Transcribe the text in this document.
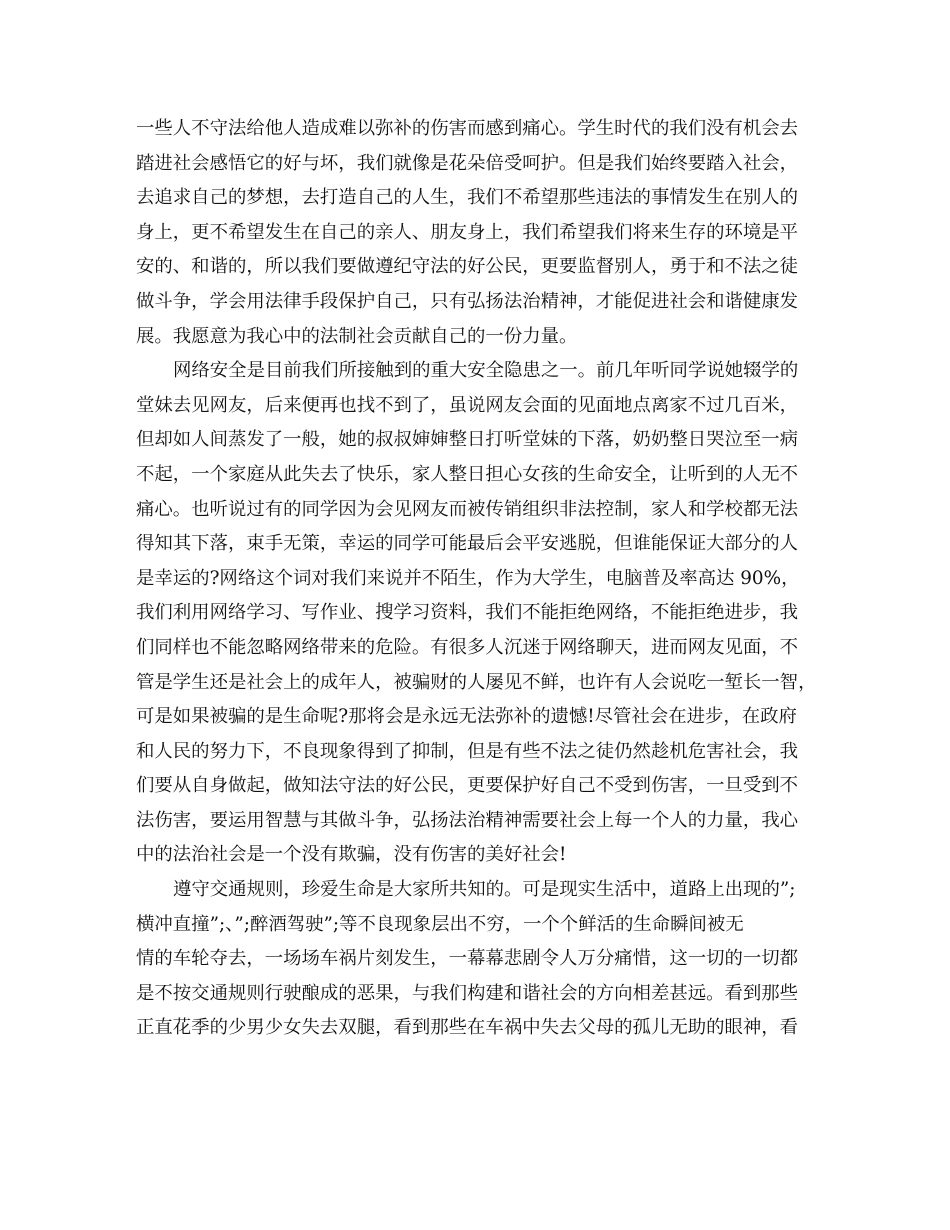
一些人不守法给他人造成难以弥补的伤害而感到痛心。学生时代的我们没有机会去
踏进社会感悟它的好与坏，我们就像是花朵倍受呵护。但是我们始终要踏入社会，
去追求自己的梦想，去打造自己的人生，我们不希望那些违法的事情发生在别人的
身上，更不希望发生在自己的亲人、朋友身上，我们希望我们将来生存的环境是平
安的、和谐的，所以我们要做遵纪守法的好公民，更要监督别人，勇于和不法之徒
做斗争，学会用法律手段保护自己，只有弘扬法治精神，才能促进社会和谐健康发
展。我愿意为我心中的法制社会贡献自己的一份力量。
网络安全是目前我们所接触到的重大安全隐患之一。前几年听同学说她辍学的
堂妹去见网友，后来便再也找不到了，虽说网友会面的见面地点离家不过几百米，
但却如人间蒸发了一般，她的叔叔婶婶整日打听堂妹的下落，奶奶整日哭泣至一病
不起，一个家庭从此失去了快乐，家人整日担心女孩的生命安全，让听到的人无不
痛心。也听说过有的同学因为会见网友而被传销组织非法控制，家人和学校都无法
得知其下落，束手无策，幸运的同学可能最后会平安逃脱，但谁能保证大部分的人
是幸运的?网络这个词对我们来说并不陌生，作为大学生，电脑普及率高达 90%，
我们利用网络学习、写作业、搜学习资料，我们不能拒绝网络，不能拒绝进步，我
们同样也不能忽略网络带来的危险。有很多人沉迷于网络聊天，进而网友见面，不
管是学生还是社会上的成年人，被骗财的人屡见不鲜，也许有人会说吃一堑长一智，
可是如果被骗的是生命呢?那将会是永远无法弥补的遗憾!尽管社会在进步，在政府
和人民的努力下，不良现象得到了抑制，但是有些不法之徒仍然趁机危害社会，我
们要从自身做起，做知法守法的好公民，更要保护好自己不受到伤害，一旦受到不
法伤害，要运用智慧与其做斗争，弘扬法治精神需要社会上每一个人的力量，我心
中的法治社会是一个没有欺骗，没有伤害的美好社会!
遵守交通规则，珍爱生命是大家所共知的。可是现实生活中，道路上出现的”;
横冲直撞”;、”;醉酒驾驶”;等不良现象层出不穷，一个个鲜活的生命瞬间被无
情的车轮夺去，一场场车祸片刻发生，一幕幕悲剧令人万分痛惜，这一切的一切都
是不按交通规则行驶酿成的恶果，与我们构建和谐社会的方向相差甚远。看到那些
正直花季的少男少女失去双腿，看到那些在车祸中失去父母的孤儿无助的眼神，看
